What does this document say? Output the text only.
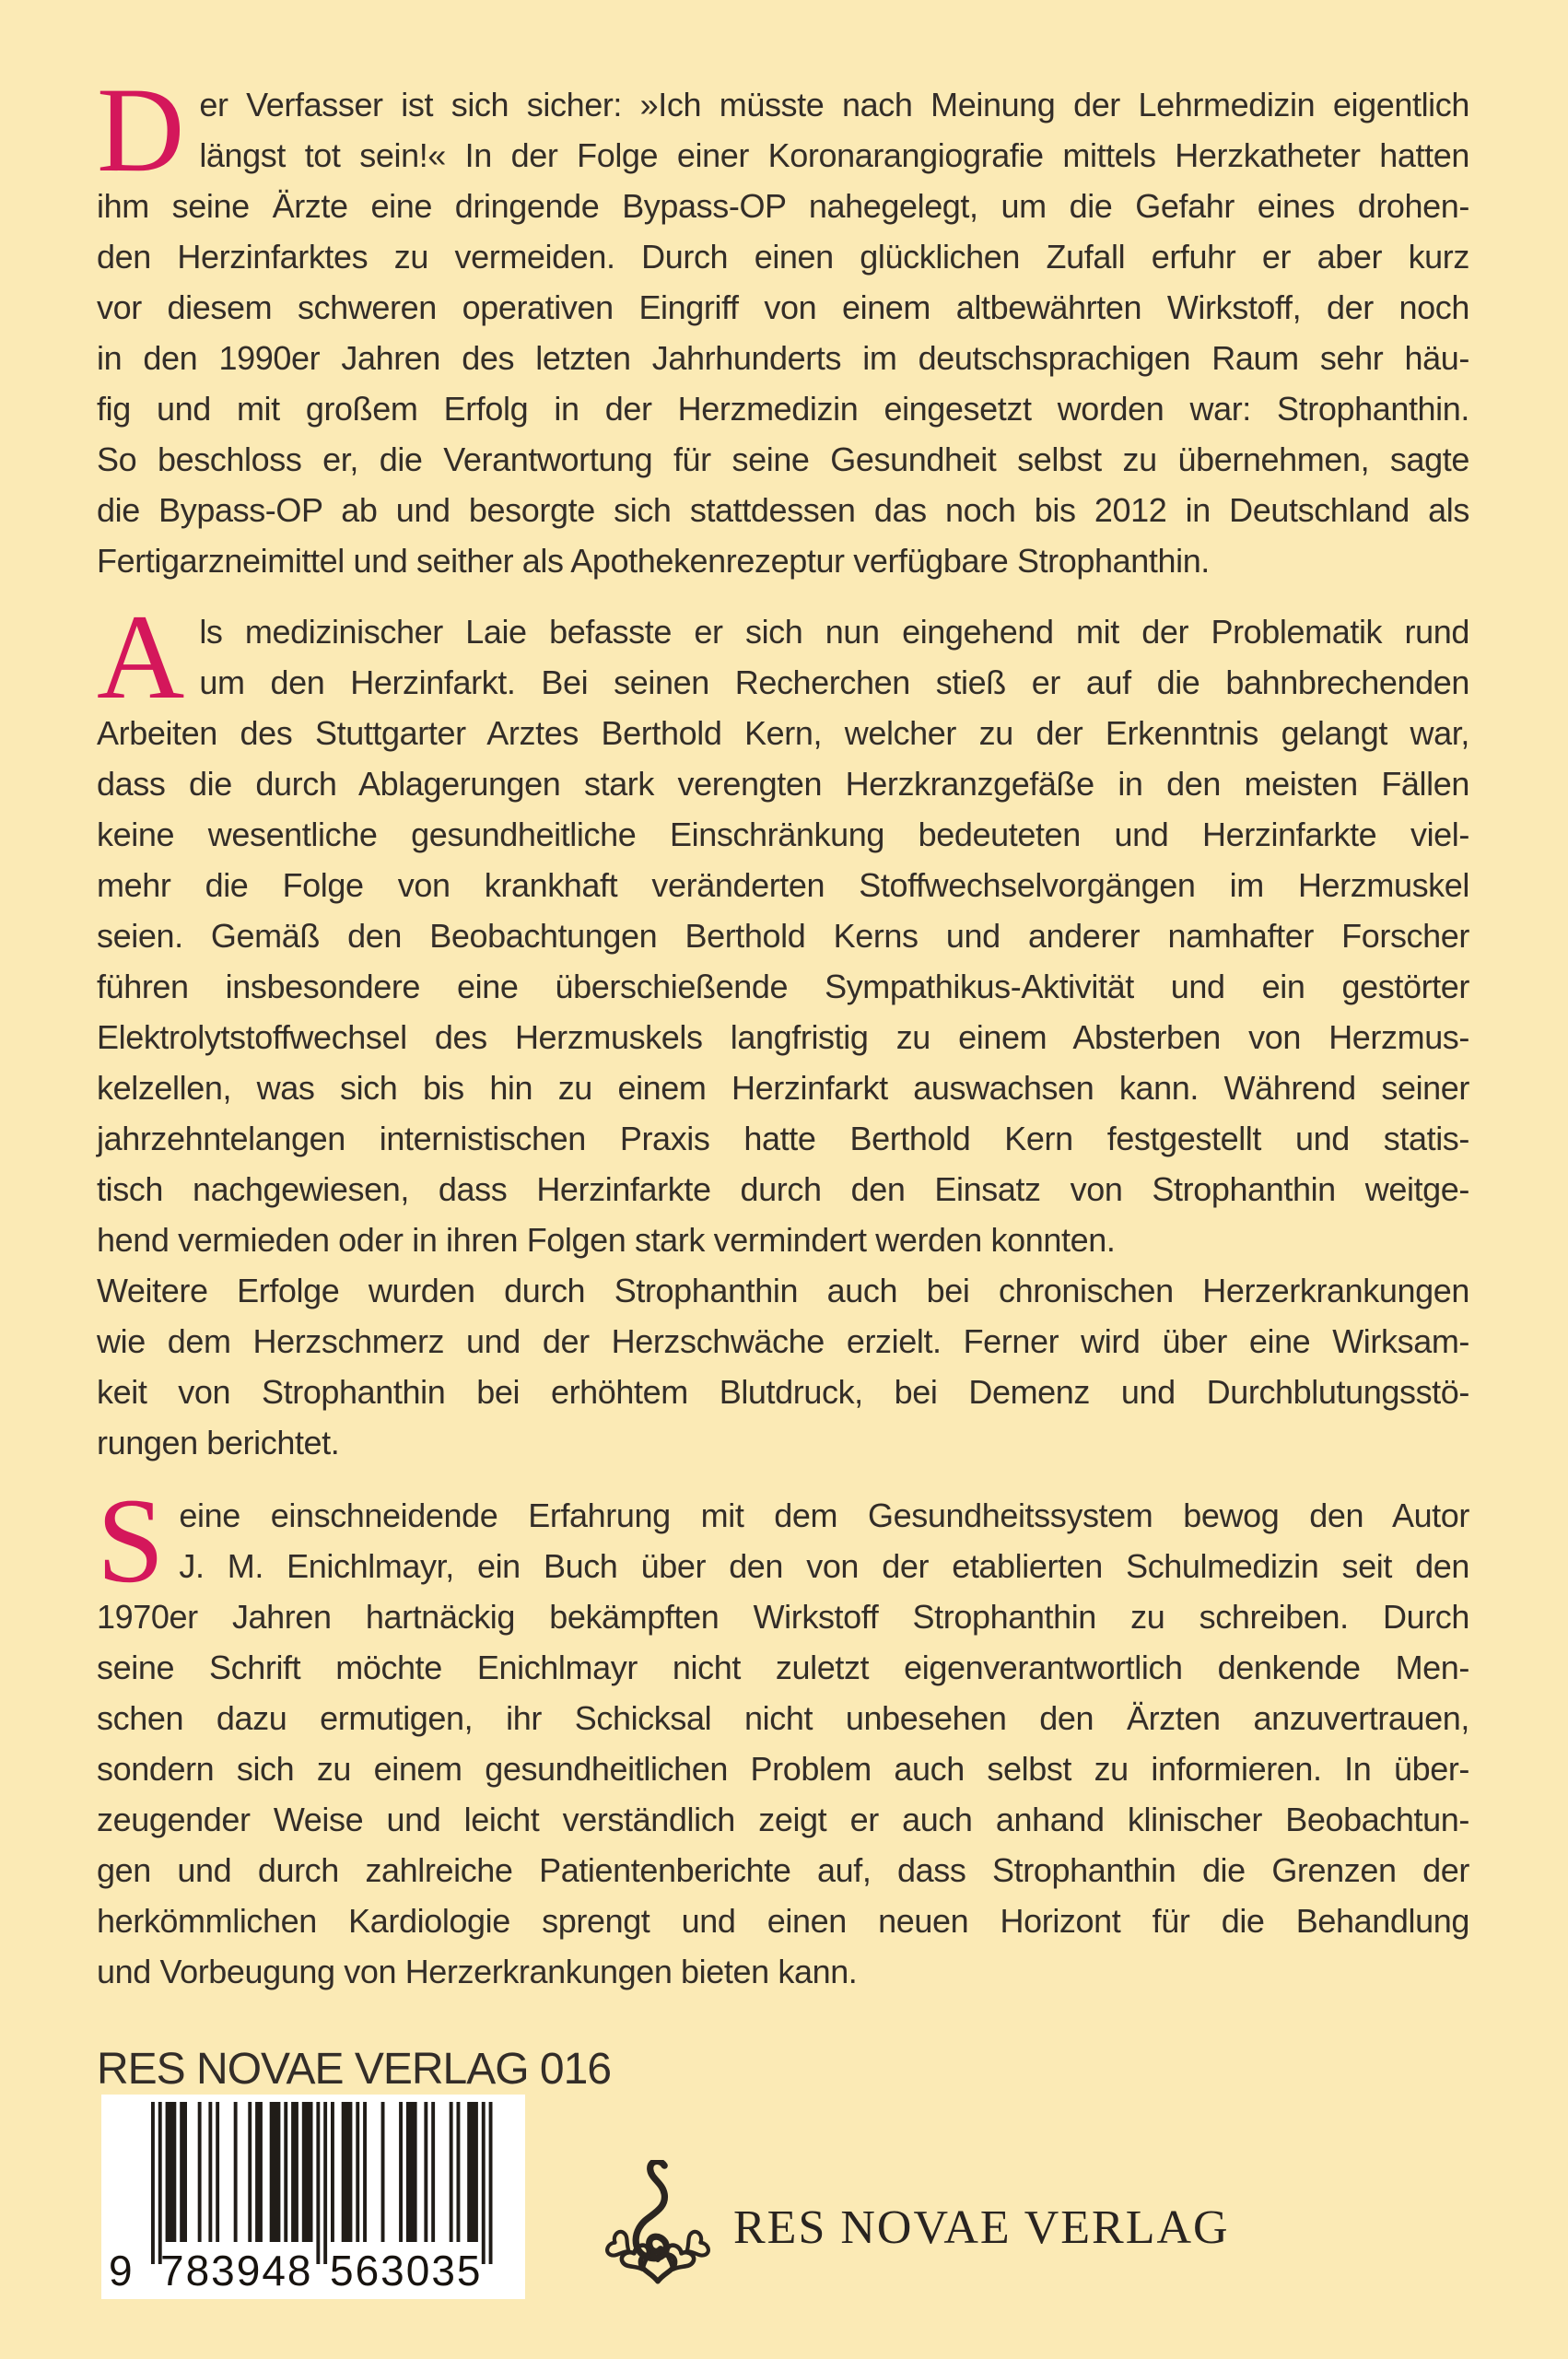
D er Verfasser ist sich sicher: »Ich müsste nach Meinung der Lehrmedizin eigentlich
längst tot sein!« In der Folge einer Koronarangiografie mittels Herzkatheter hatten
ihm seine Ärzte eine dringende Bypass-OP nahegelegt, um die Gefahr eines drohen-
den Herzinfarktes zu vermeiden. Durch einen glücklichen Zufall erfuhr er aber kurz
vor diesem schweren operativen Eingriff von einem altbewährten Wirkstoff, der noch
in den 1990er Jahren des letzten Jahrhunderts im deutschsprachigen Raum sehr häu-
fig und mit großem Erfolg in der Herzmedizin eingesetzt worden war: Strophanthin.
So beschloss er, die Verantwortung für seine Gesundheit selbst zu übernehmen, sagte
die Bypass-OP ab und besorgte sich stattdessen das noch bis 2012 in Deutschland als
Fertigarzneimittel und seither als Apothekenrezeptur verfügbare Strophanthin.
A ls medizinischer Laie befasste er sich nun eingehend mit der Problematik rund
um den Herzinfarkt. Bei seinen Recherchen stieß er auf die bahnbrechenden
Arbeiten des Stuttgarter Arztes Berthold Kern, welcher zu der Erkenntnis gelangt war,
dass die durch Ablagerungen stark verengten Herzkranzgefäße in den meisten Fällen
keine wesentliche gesundheitliche Einschränkung bedeuteten und Herzinfarkte viel-
mehr die Folge von krankhaft veränderten Stoffwechselvorgängen im Herzmuskel
seien. Gemäß den Beobachtungen Berthold Kerns und anderer namhafter Forscher
führen insbesondere eine überschießende Sympathikus-Aktivität und ein gestörter
Elektrolytstoffwechsel des Herzmuskels langfristig zu einem Absterben von Herzmus-
kelzellen, was sich bis hin zu einem Herzinfarkt auswachsen kann. Während seiner
jahrzehntelangen internistischen Praxis hatte Berthold Kern festgestellt und statis-
tisch nachgewiesen, dass Herzinfarkte durch den Einsatz von Strophanthin weitge-
hend vermieden oder in ihren Folgen stark vermindert werden konnten.
Weitere Erfolge wurden durch Strophanthin auch bei chronischen Herzerkrankungen
wie dem Herzschmerz und der Herzschwäche erzielt. Ferner wird über eine Wirksam-
keit von Strophanthin bei erhöhtem Blutdruck, bei Demenz und Durchblutungsstö-
rungen berichtet.
S eine einschneidende Erfahrung mit dem Gesundheitssystem bewog den Autor
J. M. Enichlmayr, ein Buch über den von der etablierten Schulmedizin seit den
1970er Jahren hartnäckig bekämpften Wirkstoff Strophanthin zu schreiben. Durch
seine Schrift möchte Enichlmayr nicht zuletzt eigenverantwortlich denkende Men-
schen dazu ermutigen, ihr Schicksal nicht unbesehen den Ärzten anzuvertrauen,
sondern sich zu einem gesundheitlichen Problem auch selbst zu informieren. In über-
zeugender Weise und leicht verständlich zeigt er auch anhand klinischer Beobachtun-
gen und durch zahlreiche Patientenberichte auf, dass Strophanthin die Grenzen der
herkömmlichen Kardiologie sprengt und einen neuen Horizont für die Behandlung
und Vorbeugung von Herzerkrankungen bieten kann.
RES NOVAE VERLAG 016
9 783948 563035
RES NOVAE VERLAG
